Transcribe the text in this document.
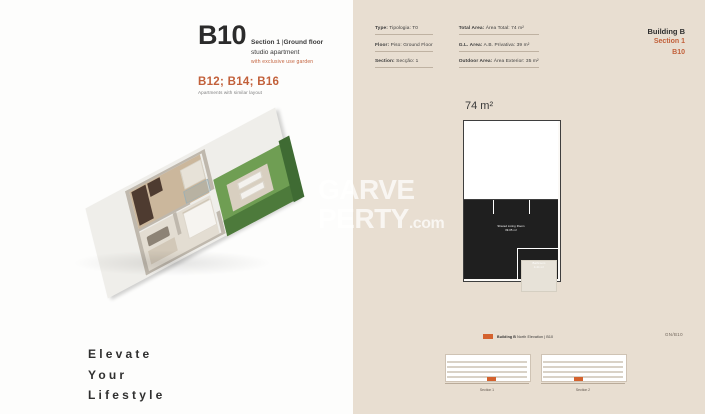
B10 Section 1 |Ground floor
studio apartment
with exclusive use garden
B12; B14; B16
Apartments with similar layout
Elevate
Your
Lifestyle
Type: Tipologia: T0
Floor: Piso: Ground Floor
Section: Secção: 1
Total Area: Área Total: 74 m²
G.L. Area: A.B. Privativa: 39 m²
Outdoor Area: Área Exterior: 35 m²
Building B
Section 1
B10
74 m²
Shared Living Room
39.05 m²
Bathroom
4.21 m²
Building B North Elevation | B10	GN/B10
Section 1	Section 2
GARVE
PERTY.com
